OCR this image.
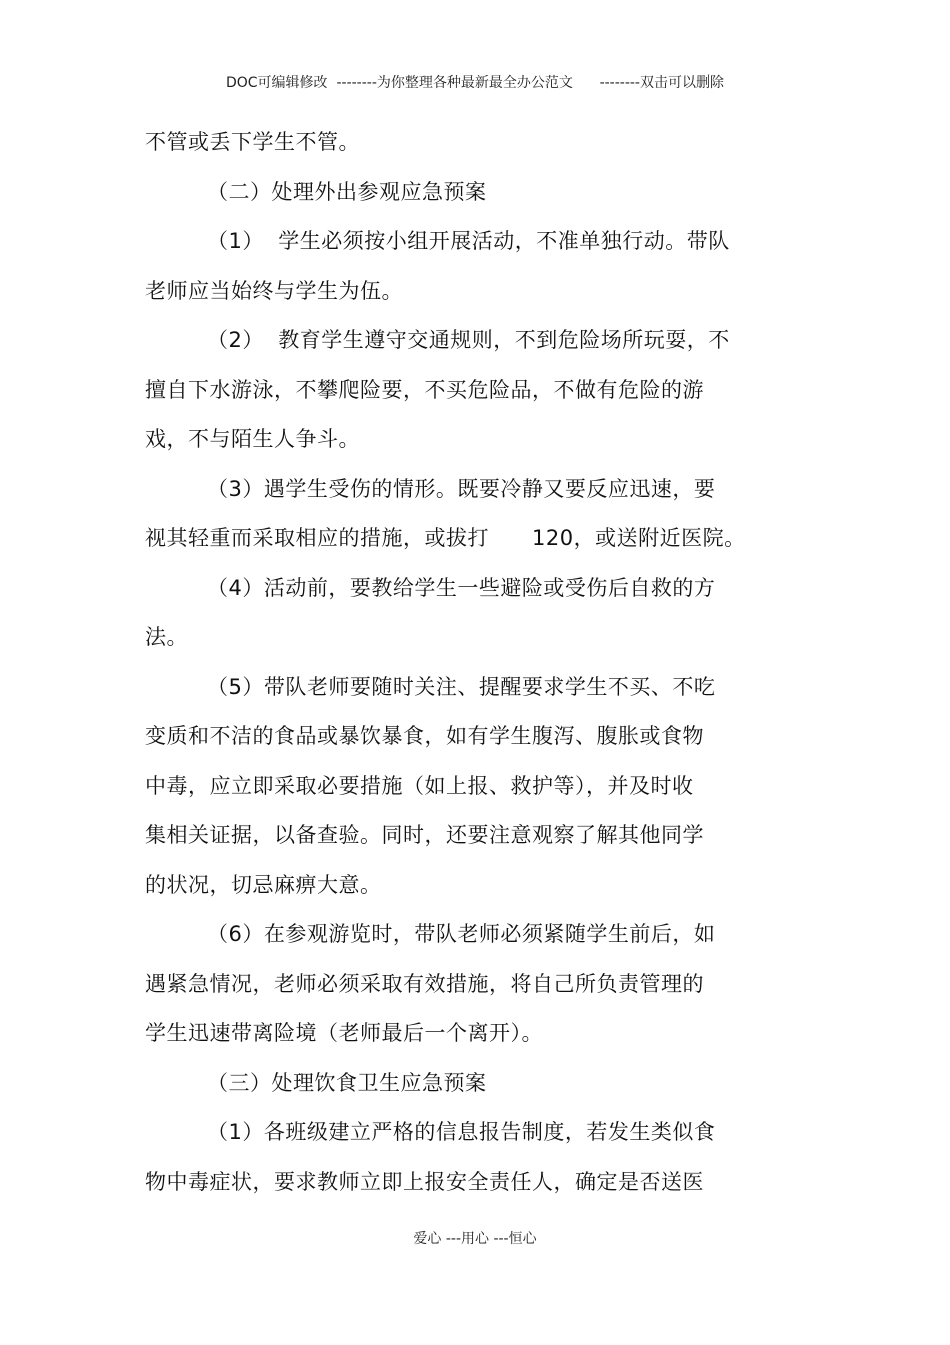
DOC可编辑修改  --------为你整理各种最新最全办公范文      --------双击可以删除
不管或丢下学生不管。
（二）处理外出参观应急预案
（1）  学生必须按小组开展活动，不准单独行动。带队
老师应当始终与学生为伍。
（2）  教育学生遵守交通规则，不到危险场所玩耍，不
擅自下水游泳，不攀爬险要，不买危险品，不做有危险的游
戏，不与陌生人争斗。
（3）遇学生受伤的情形。既要冷静又要反应迅速，要
视其轻重而采取相应的措施，或拔打      120，或送附近医院。
（4）活动前，要教给学生一些避险或受伤后自救的方
法。
（5）带队老师要随时关注、提醒要求学生不买、不吃
变质和不洁的食品或暴饮暴食，如有学生腹泻、腹胀或食物
中毒，应立即采取必要措施（如上报、救护等），并及时收
集相关证据，以备查验。同时，还要注意观察了解其他同学
的状况，切忌麻痹大意。
（6）在参观游览时，带队老师必须紧随学生前后，如
遇紧急情况，老师必须采取有效措施，将自己所负责管理的
学生迅速带离险境（老师最后一个离开）。
（三）处理饮食卫生应急预案
（1）各班级建立严格的信息报告制度，若发生类似食
物中毒症状，要求教师立即上报安全责任人，确定是否送医
爱心 ---用心 ---恒心
